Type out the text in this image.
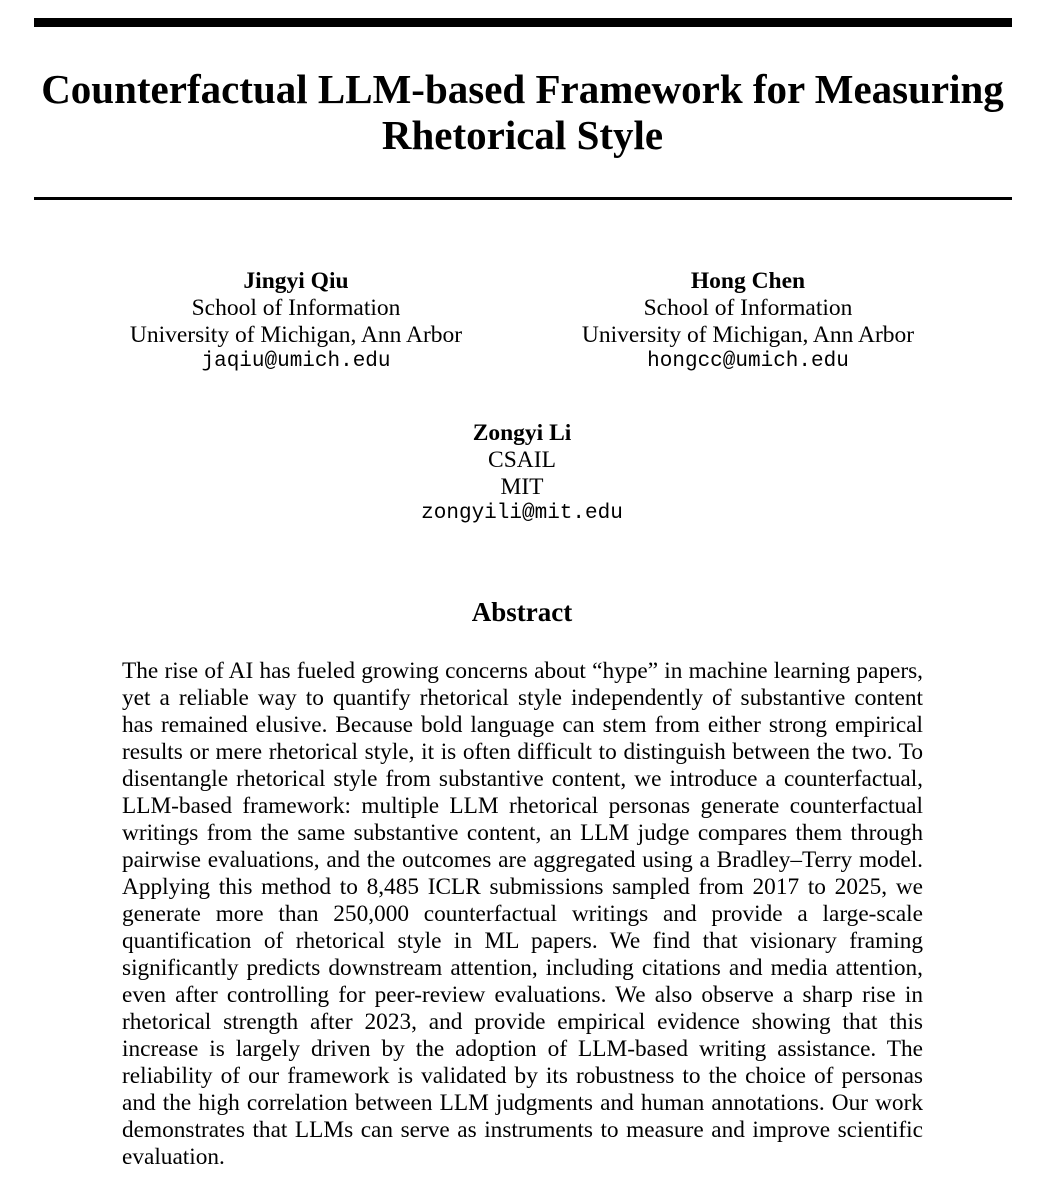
Counterfactual LLM-based Framework for Measuring Rhetorical Style
Jingyi Qiu
School of Information
University of Michigan, Ann Arbor
jaqiu@umich.edu
Hong Chen
School of Information
University of Michigan, Ann Arbor
hongcc@umich.edu
Zongyi Li
CSAIL
MIT
zongyili@mit.edu
Abstract

The rise of AI has fueled growing concerns about “hype” in machine learning papers, yet a reliable way to quantify rhetorical style independently of substantive content has remained elusive. Because bold language can stem from either strong empirical results or mere rhetorical style, it is often difficult to distinguish between the two. To disentangle rhetorical style from substantive content, we introduce a counterfactual, LLM-based framework: multiple LLM rhetorical personas generate counterfactual writings from the same substantive content, an LLM judge compares them through pairwise evaluations, and the outcomes are aggregated using a Bradley–Terry model. Applying this method to 8,485 ICLR submissions sampled from 2017 to 2025, we generate more than 250,000 counterfactual writings and provide a large-scale quantification of rhetorical style in ML papers. We find that visionary framing significantly predicts downstream attention, including citations and media attention, even after controlling for peer-review evaluations. We also observe a sharp rise in rhetorical strength after 2023, and provide empirical evidence showing that this increase is largely driven by the adoption of LLM-based writing assistance. The reliability of our framework is validated by its robustness to the choice of personas and the high correlation between LLM judgments and human annotations. Our work demonstrates that LLMs can serve as instruments to measure and improve scientific evaluation.
